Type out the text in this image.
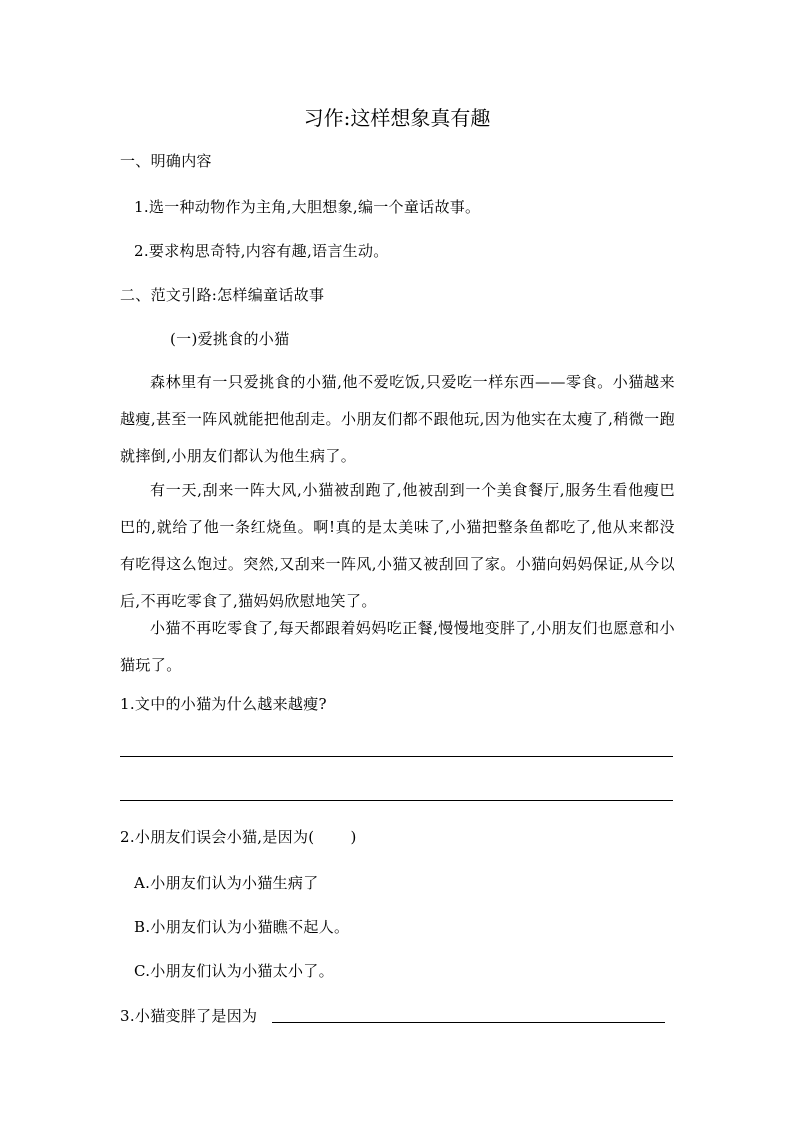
习作:这样想象真有趣
一、明确内容
1.选一种动物作为主角,大胆想象,编一个童话故事。
2.要求构思奇特,内容有趣,语言生动。
二、范文引路:怎样编童话故事
(一)爱挑食的小猫
森林里有一只爱挑食的小猫,他不爱吃饭,只爱吃一样东西——零食。小猫越来越瘦,甚至一阵风就能把他刮走。小朋友们都不跟他玩,因为他实在太瘦了,稍微一跑就摔倒,小朋友们都认为他生病了。
有一天,刮来一阵大风,小猫被刮跑了,他被刮到一个美食餐厅,服务生看他瘦巴巴的,就给了他一条红烧鱼。啊!真的是太美味了,小猫把整条鱼都吃了,他从来都没有吃得这么饱过。突然,又刮来一阵风,小猫又被刮回了家。小猫向妈妈保证,从今以后,不再吃零食了,猫妈妈欣慰地笑了。
小猫不再吃零食了,每天都跟着妈妈吃正餐,慢慢地变胖了,小朋友们也愿意和小猫玩了。
1.文中的小猫为什么越来越瘦?
2.小朋友们误会小猫,是因为( )
A.小朋友们认为小猫生病了
B.小朋友们认为小猫瞧不起人。
C.小朋友们认为小猫太小了。
3.小猫变胖了是因为
